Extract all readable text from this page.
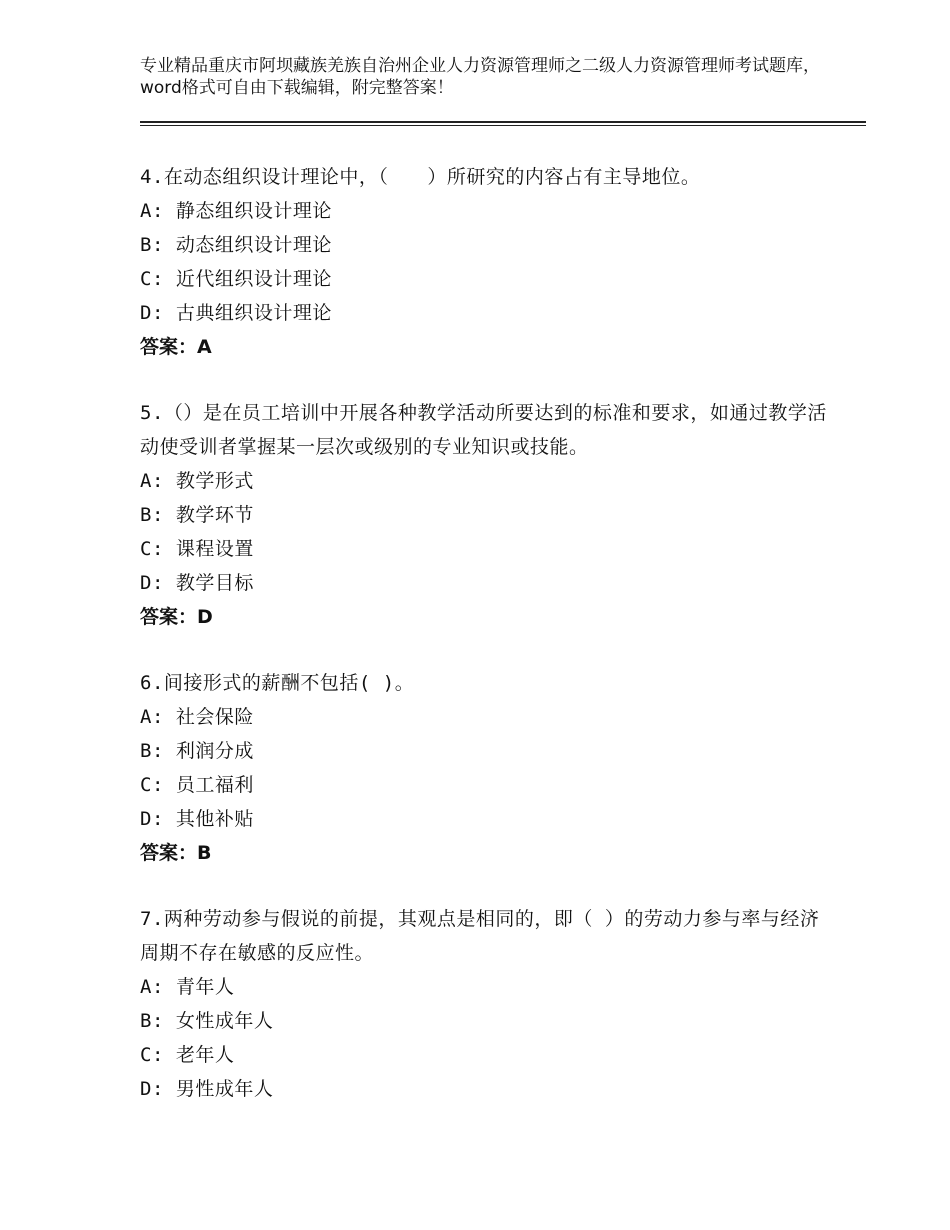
专业精品重庆市阿坝藏族羌族自治州企业人力资源管理师之二级人力资源管理师考试题库，word格式可自由下载编辑，附完整答案！

4.在动态组织设计理论中，（　　）所研究的内容占有主导地位。

A: 静态组织设计理论

B: 动态组织设计理论

C: 近代组织设计理论

D: 古典组织设计理论

答案：A

5.（）是在员工培训中开展各种教学活动所要达到的标准和要求，如通过教学活动使受训者掌握某一层次或级别的专业知识或技能。

A: 教学形式

B: 教学环节

C: 课程设置

D: 教学目标

答案：D

6.间接形式的薪酬不包括( )。

A: 社会保险

B: 利润分成

C: 员工福利

D: 其他补贴

答案：B

7.两种劳动参与假说的前提，其观点是相同的，即（ ）的劳动力参与率与经济周期不存在敏感的反应性。

A: 青年人

B: 女性成年人

C: 老年人

D: 男性成年人
